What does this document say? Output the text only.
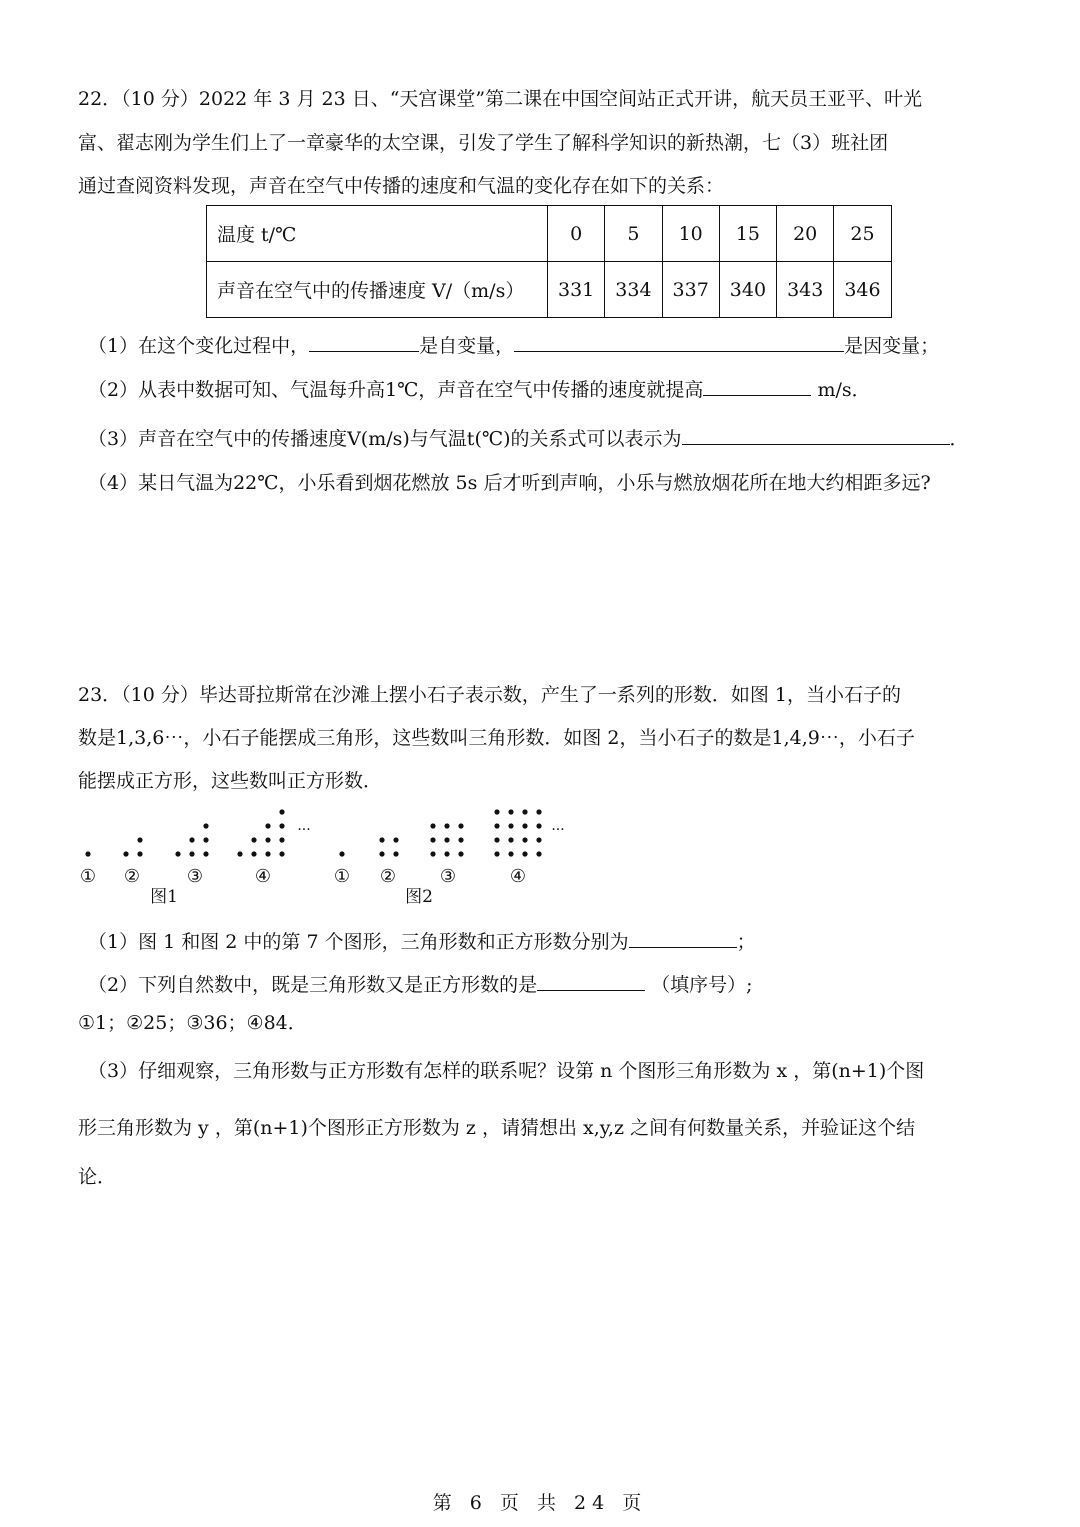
22．（10 分）2022 年 3 月 23 日、“天宫课堂”第二课在中国空间站正式开讲，航天员王亚平、叶光
富、翟志刚为学生们上了一章豪华的太空课，引发了学生了解科学知识的新热潮，七（3）班社团
通过查阅资料发现，声音在空气中传播的速度和气温的变化存在如下的关系：
温度 t/℃	0	5	10	15	20	25
声音在空气中的传播速度 V/（m/s）	331	334	337	340	343	346
（1）在这个变化过程中，	是自变量，	是因变量；
（2）从表中数据可知、气温每升高1℃，声音在空气中传播的速度就提高	m/s．
（3）声音在空气中的传播速度V(m/s)与气温t(℃)的关系式可以表示为	．
（4）某日气温为22℃，小乐看到烟花燃放 5s 后才听到声响，小乐与燃放烟花所在地大约相距多远?
23．（10 分）毕达哥拉斯常在沙滩上摆小石子表示数，产生了一系列的形数．如图 1，当小石子的
数是1,3,6⋯，小石子能摆成三角形，这些数叫三角形数．如图 2，当小石子的数是1,4,9⋯，小石子
能摆成正方形，这些数叫正方形数．
···	···
① ②	③	④	① ② ③	④
图1	图2
（1）图 1 和图 2 中的第 7 个图形，三角形数和正方形数分别为	；
（2）下列自然数中，既是三角形数又是正方形数的是	（填序号）;
①1；②25；③36；④84．
（3）仔细观察，三角形数与正方形数有怎样的联系呢？设第 n 个图形三角形数为 x ，第(n+1)个图
形三角形数为 y ，第(n+1)个图形正方形数为 z ，请猜想出 x,y,z 之间有何数量关系，并验证这个结
论．
第 6 页 共 24 页
